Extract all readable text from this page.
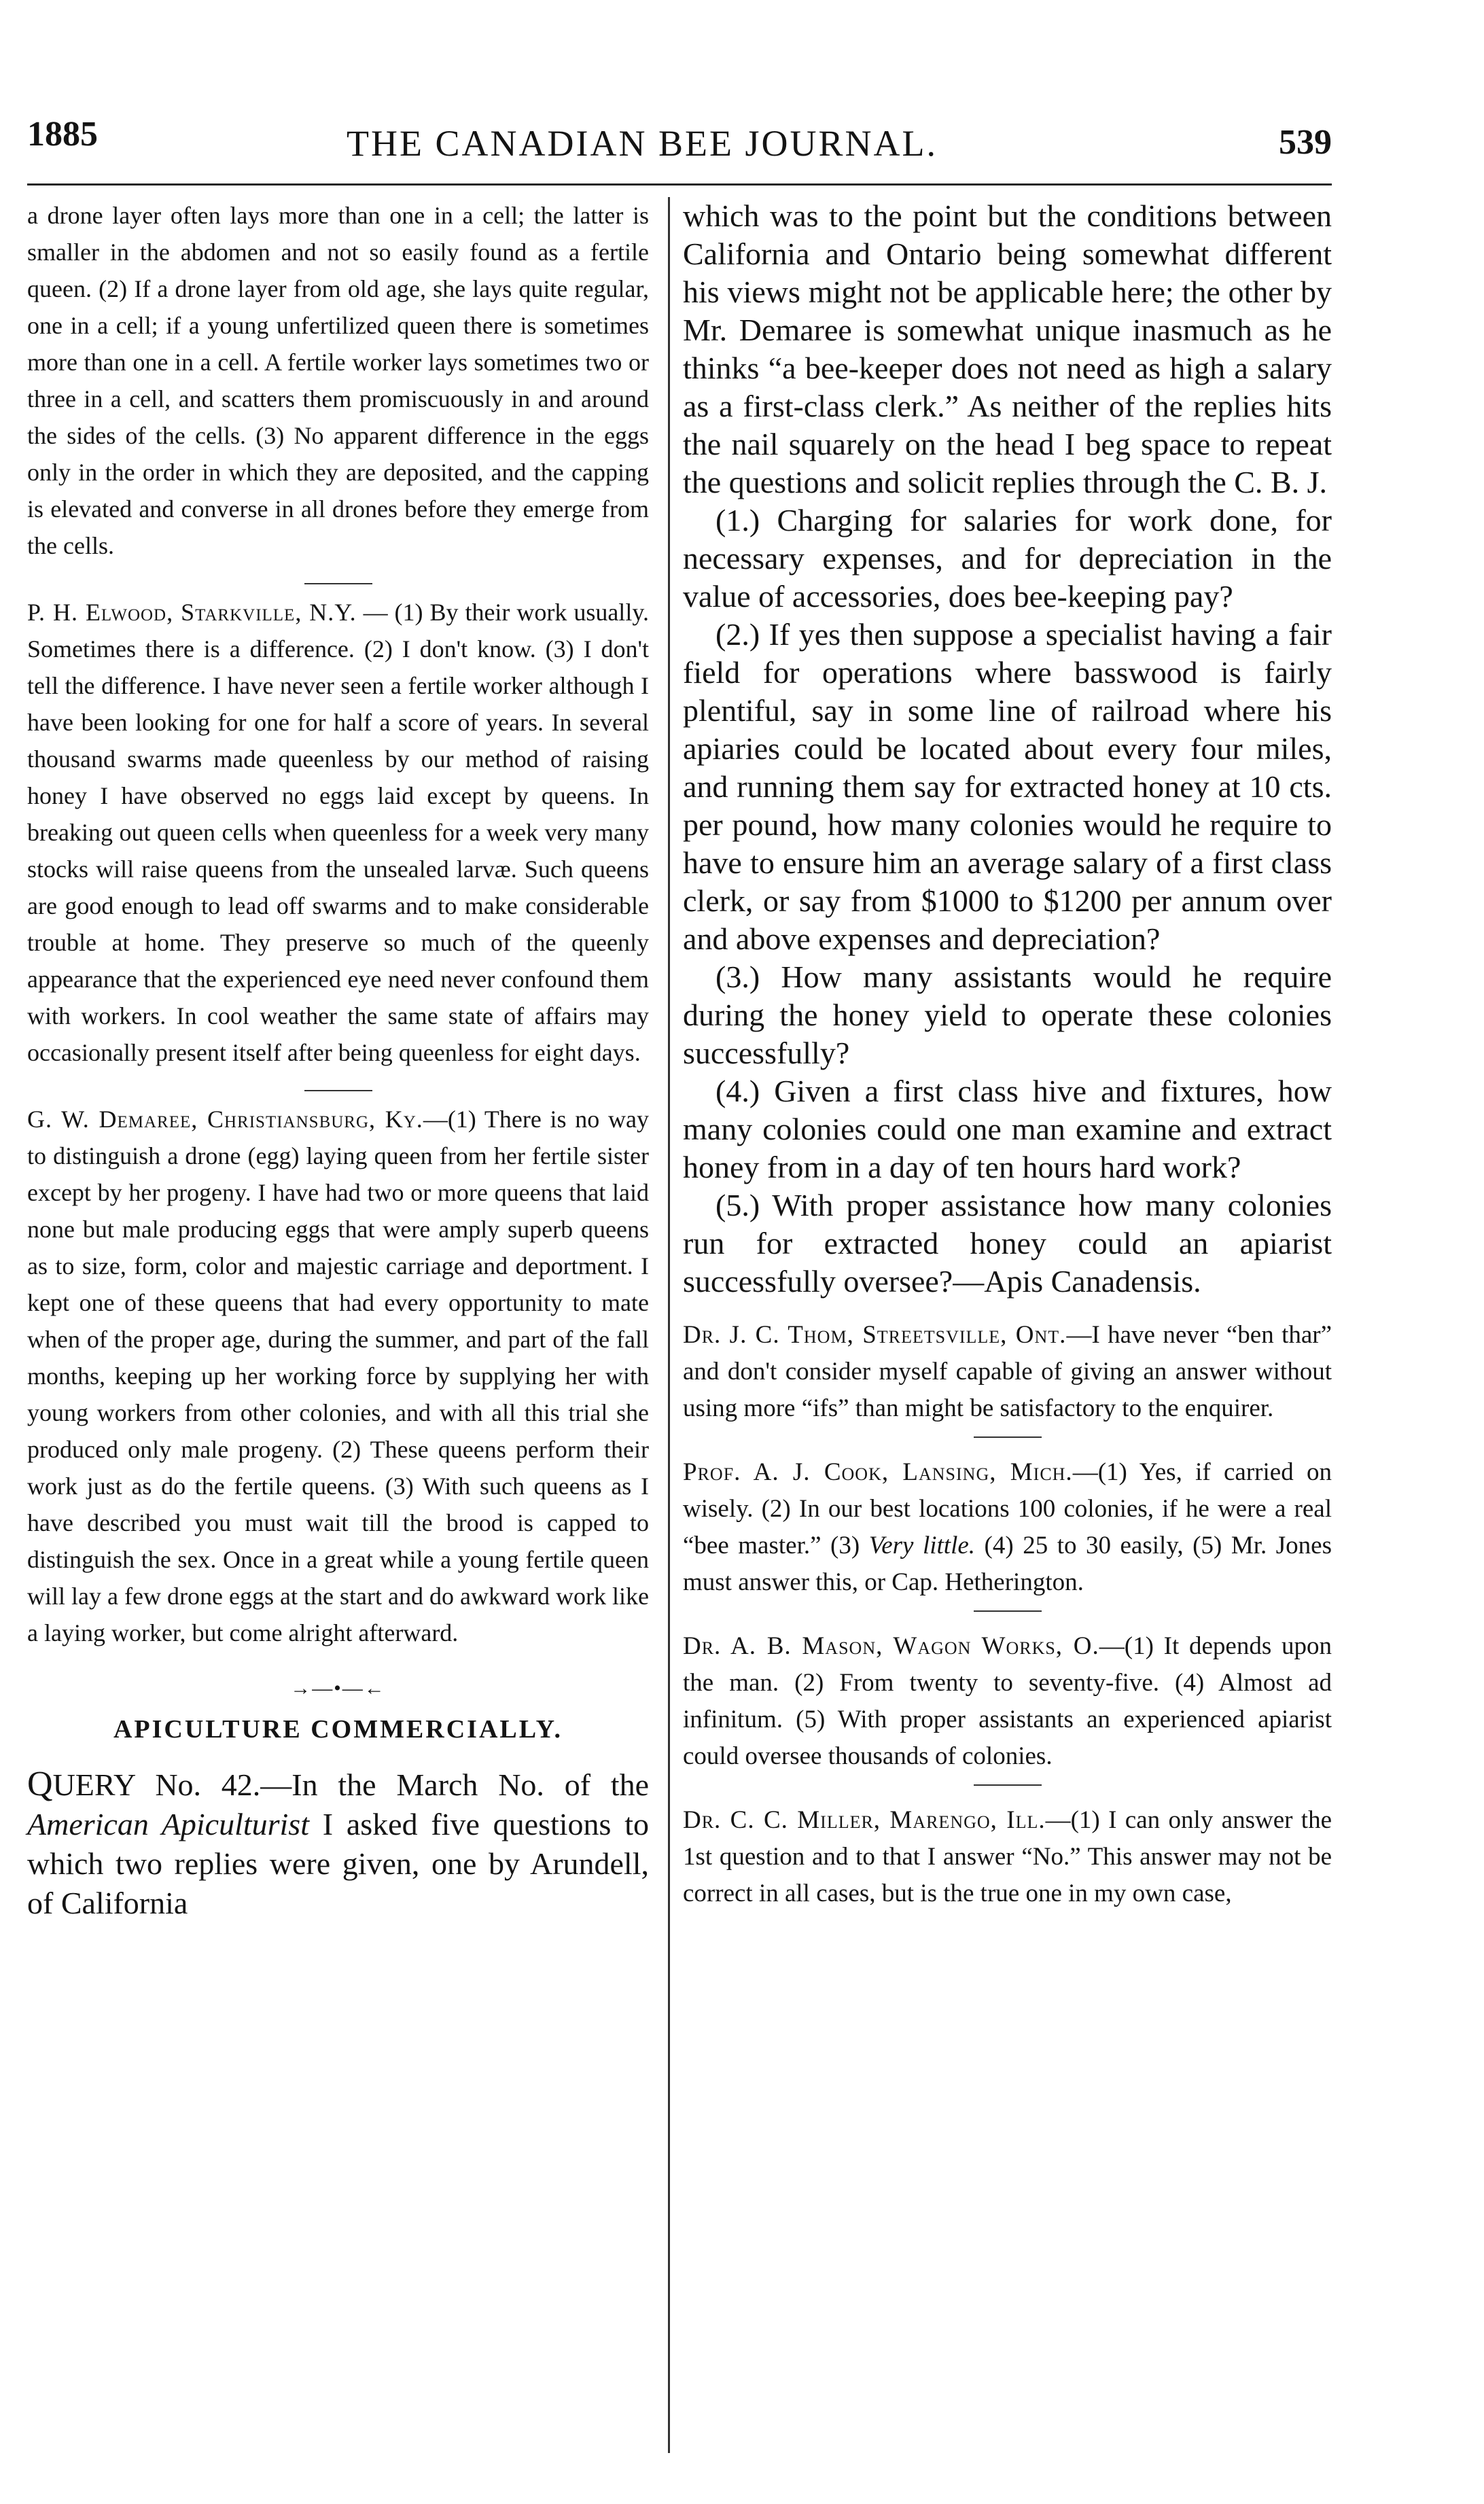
1885	THE CANADIAN BEE JOURNAL.	539

a drone layer often lays more than one in a cell; the latter is smaller in the abdomen and not so easily found as a fertile queen. (2) If a drone layer from old age, she lays quite regular, one in a cell; if a young unfertilized queen there is sometimes more than one in a cell. A fertile worker lays sometimes two or three in a cell, and scatters them promiscuously in and around the sides of the cells. (3) No apparent difference in the eggs only in the order in which they are deposited, and the capping is elevated and converse in all drones before they emerge from the cells.

P. H. Elwood, Starkville, N.Y. — (1) By their work usually. Sometimes there is a difference. (2) I don't know. (3) I don't tell the difference. I have never seen a fertile worker although I have been looking for one for half a score of years. In several thousand swarms made queenless by our method of raising honey I have observed no eggs laid except by queens. In breaking out queen cells when queenless for a week very many stocks will raise queens from the unsealed larvæ. Such queens are good enough to lead off swarms and to make considerable trouble at home. They preserve so much of the queenly appearance that the experienced eye need never confound them with workers. In cool weather the same state of affairs may occasionally present itself after being queenless for eight days.

G. W. Demaree, Christiansburg, Ky.—(1) There is no way to distinguish a drone (egg) laying queen from her fertile sister except by her progeny. I have had two or more queens that laid none but male producing eggs that were amply superb queens as to size, form, color and majestic carriage and deportment. I kept one of these queens that had every opportunity to mate when of the proper age, during the summer, and part of the fall months, keeping up her working force by supplying her with young workers from other colonies, and with all this trial she produced only male progeny. (2) These queens perform their work just as do the fertile queens. (3) With such queens as I have described you must wait till the brood is capped to distinguish the sex. Once in a great while a young fertile queen will lay a few drone eggs at the start and do awkward work like a laying worker, but come alright afterward.

→—•—←
APICULTURE COMMERCIALLY.

QUERY No. 42.—In the March No. of the American Apiculturist I asked five questions to which two replies were given, one by Arundell, of California

which was to the point but the conditions between California and Ontario being somewhat different his views might not be applicable here; the other by Mr. Demaree is somewhat unique inasmuch as he thinks “a bee-keeper does not need as high a salary as a first-class clerk.” As neither of the replies hits the nail squarely on the head I beg space to repeat the questions and solicit replies through the C. B. J.

(1.) Charging for salaries for work done, for necessary expenses, and for depreciation in the value of accessories, does bee-keeping pay?

(2.) If yes then suppose a specialist having a fair field for operations where basswood is fairly plentiful, say in some line of railroad where his apiaries could be located about every four miles, and running them say for extracted honey at 10 cts. per pound, how many colonies would he require to have to ensure him an average salary of a first class clerk, or say from $1000 to $1200 per annum over and above expenses and depreciation?

(3.) How many assistants would he require during the honey yield to operate these colonies successfully?

(4.) Given a first class hive and fixtures, how many colonies could one man examine and extract honey from in a day of ten hours hard work?

(5.) With proper assistance how many colonies run for extracted honey could an apiarist successfully oversee?—Apis Canadensis.

Dr. J. C. Thom, Streetsville, Ont.—I have never “ben thar” and don't consider myself capable of giving an answer without using more “ifs” than might be satisfactory to the enquirer.

Prof. A. J. Cook, Lansing, Mich.—(1) Yes, if carried on wisely. (2) In our best locations 100 colonies, if he were a real “bee master.” (3) Very little. (4) 25 to 30 easily, (5) Mr. Jones must answer this, or Cap. Hetherington.

Dr. A. B. Mason, Wagon Works, O.—(1) It depends upon the man. (2) From twenty to seventy-five. (4) Almost ad infinitum. (5) With proper assistants an experienced apiarist could oversee thousands of colonies.

Dr. C. C. Miller, Marengo, Ill.—(1) I can only answer the 1st question and to that I answer “No.” This answer may not be correct in all cases, but is the true one in my own case,
